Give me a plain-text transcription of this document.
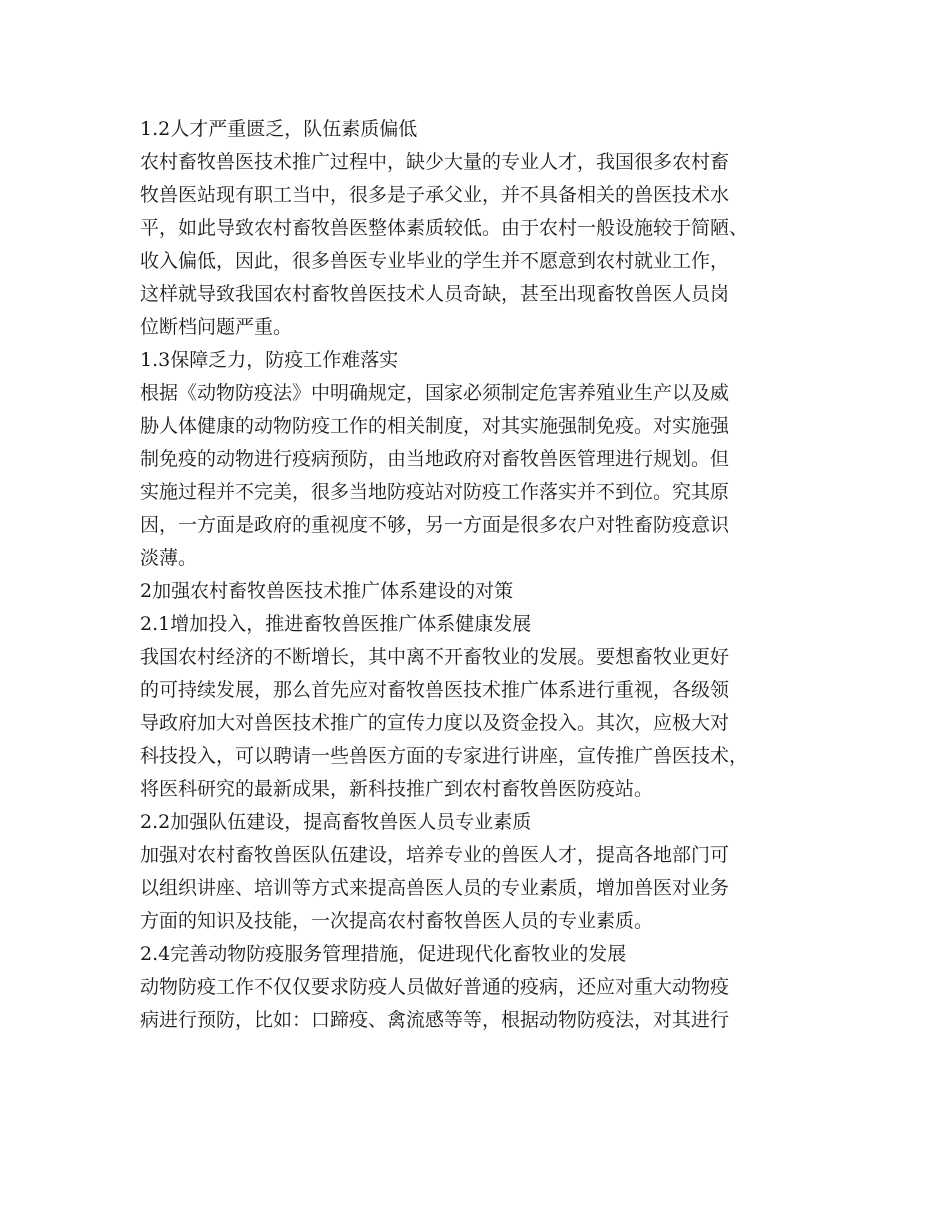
1.2人才严重匮乏，队伍素质偏低
农村畜牧兽医技术推广过程中，缺少大量的专业人才，我国很多农村畜
牧兽医站现有职工当中，很多是子承父业，并不具备相关的兽医技术水
平，如此导致农村畜牧兽医整体素质较低。由于农村一般设施较于简陋、
收入偏低，因此，很多兽医专业毕业的学生并不愿意到农村就业工作，
这样就导致我国农村畜牧兽医技术人员奇缺，甚至出现畜牧兽医人员岗
位断档问题严重。
1.3保障乏力，防疫工作难落实
根据《动物防疫法》中明确规定，国家必须制定危害养殖业生产以及威
胁人体健康的动物防疫工作的相关制度，对其实施强制免疫。对实施强
制免疫的动物进行疫病预防，由当地政府对畜牧兽医管理进行规划。但
实施过程并不完美，很多当地防疫站对防疫工作落实并不到位。究其原
因，一方面是政府的重视度不够，另一方面是很多农户对牲畜防疫意识
淡薄。
2加强农村畜牧兽医技术推广体系建设的对策
2.1增加投入，推进畜牧兽医推广体系健康发展
我国农村经济的不断增长，其中离不开畜牧业的发展。要想畜牧业更好
的可持续发展，那么首先应对畜牧兽医技术推广体系进行重视，各级领
导政府加大对兽医技术推广的宣传力度以及资金投入。其次，应极大对
科技投入，可以聘请一些兽医方面的专家进行讲座，宣传推广兽医技术，
将医科研究的最新成果，新科技推广到农村畜牧兽医防疫站。
2.2加强队伍建设，提高畜牧兽医人员专业素质
加强对农村畜牧兽医队伍建设，培养专业的兽医人才，提高各地部门可
以组织讲座、培训等方式来提高兽医人员的专业素质，增加兽医对业务
方面的知识及技能，一次提高农村畜牧兽医人员的专业素质。
2.4完善动物防疫服务管理措施，促进现代化畜牧业的发展
动物防疫工作不仅仅要求防疫人员做好普通的疫病，还应对重大动物疫
病进行预防，比如：口蹄疫、禽流感等等，根据动物防疫法，对其进行
